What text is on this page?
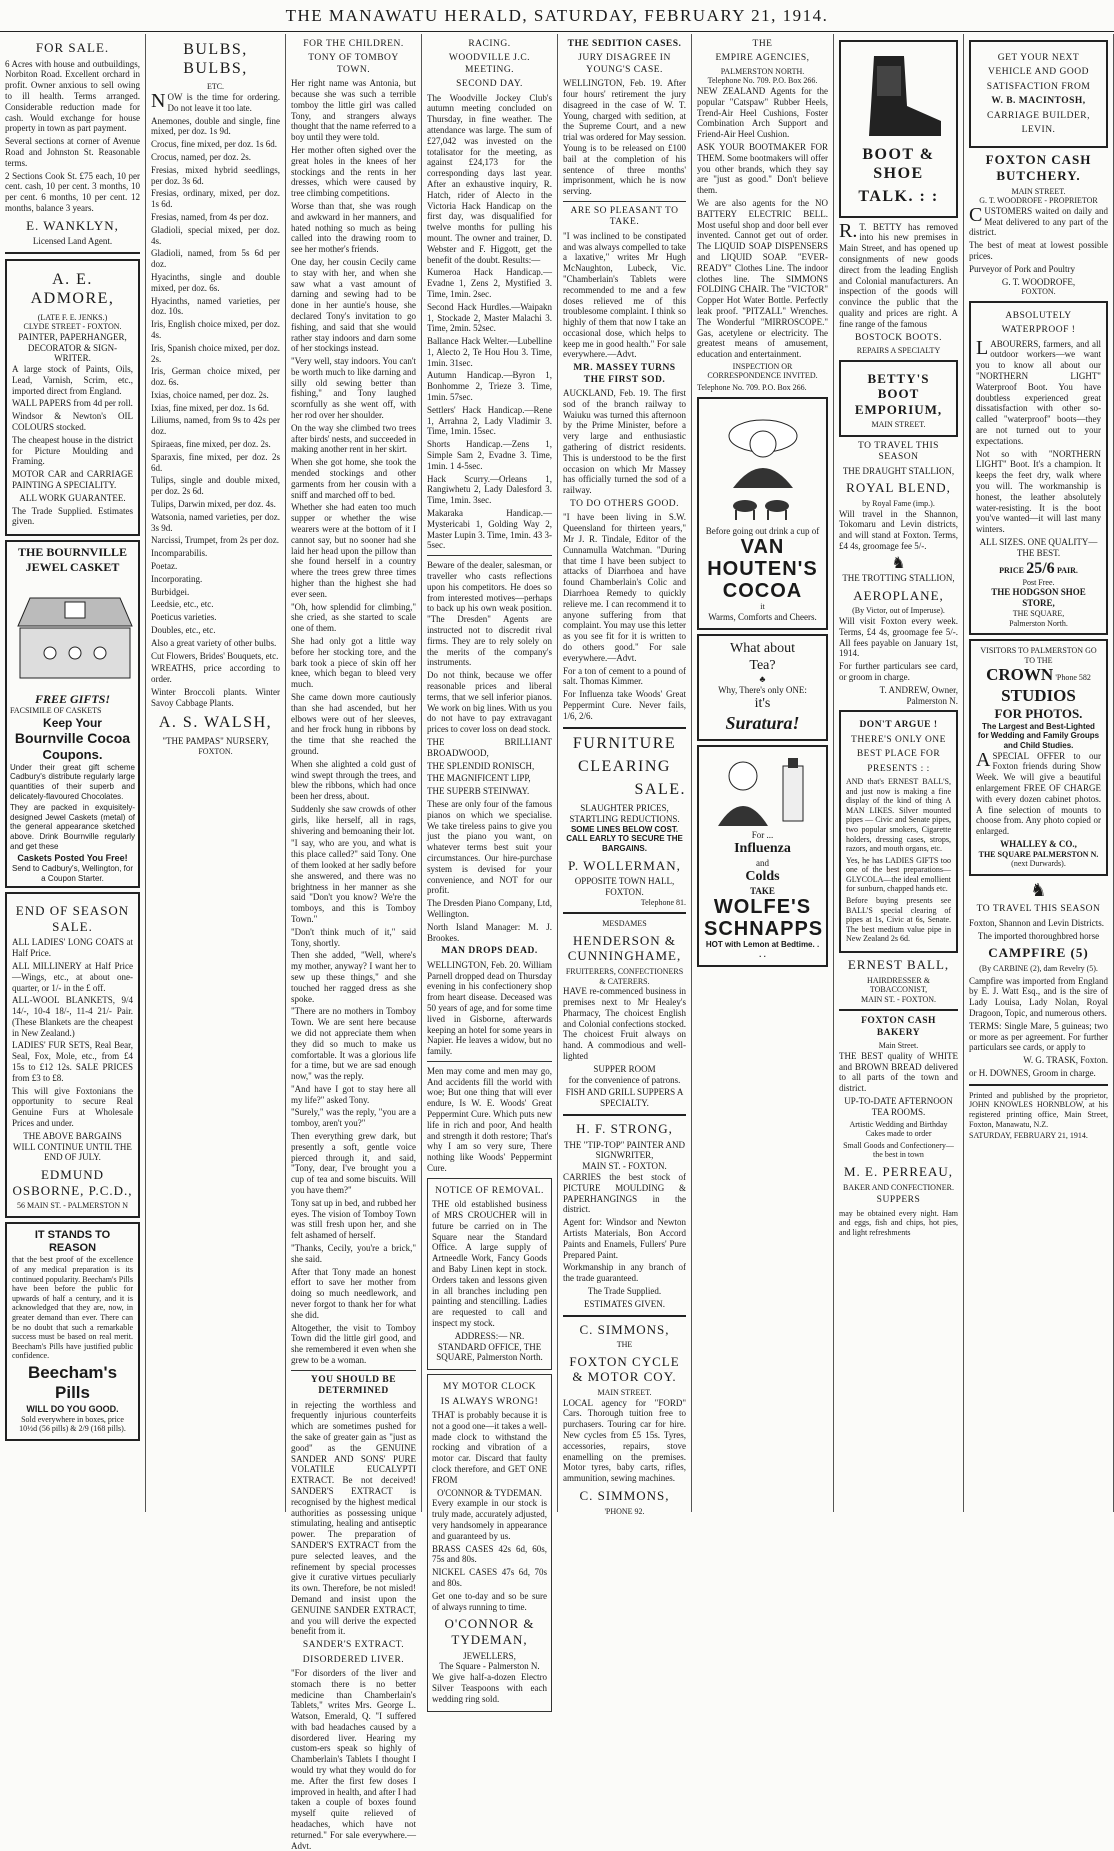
THE MANAWATU HERALD, SATURDAY, FEBRUARY 21, 1914.
FOR SALE.

6 Acres with house and outbuildings, Norbiton Road. Excellent orchard in profit. Owner anxious to sell owing to ill health. Terms arranged. Considerable reduction made for cash. Would exchange for house property in town as part payment.

Several sections at corner of Avenue Road and Johnston St. Reasonable terms.

2 Sections Cook St. £75 each, 10 per cent. cash, 10 per cent. 3 months, 10 per cent. 6 months, 10 per cent. 12 months, balance 3 years.

E. WANKLYN,
Licensed Land Agent.
A. E. ADMORE,
(LATE F. E. JENKS.)
CLYDE STREET - FOXTON.
PAINTER, PAPERHANGER, DECORATOR & SIGN-WRITER.

A large stock of Paints, Oils, Lead, Varnish, Scrim, etc., imported direct from England.

WALL PAPERS from 4d per roll.

Windsor & Newton's OIL COLOURS stocked.

The cheapest house in the district for Picture Moulding and Framing.

MOTOR CAR and CARRIAGE PAINTING A SPECIALITY.

ALL WORK GUARANTEE.

The Trade Supplied. Estimates given.

THE BOURNVILLE JEWEL CASKET
FREE GIFTS!
FACSIMILE OF CASKETS
Keep Your
Bournville Cocoa
Coupons.

Under their great gift scheme Cadbury's distribute regularly large quantities of their superb and delicately-flavoured Chocolates.

They are packed in exquisitely-designed Jewel Caskets (metal) of the general appearance sketched above. Drink Bournville regularly and get these

Caskets Posted You Free!
Send to Cadbury's, Wellington, for a Coupon Starter.
END OF SEASON SALE.

ALL LADIES' LONG COATS at Half Price.

ALL MILLINERY at Half Price—Wings, etc., at about one-quarter, or 1/- in the £ off.

ALL-WOOL BLANKETS, 9/4 14/-, 10-4 18/-, 11-4 21/- Pair. (These Blankets are the cheapest in New Zealand.)

LADIES' FUR SETS, Real Bear, Seal, Fox, Mole, etc., from £4 15s to £12 12s. SALE PRICES from £3 to £8.

This will give Foxtonians the opportunity to secure Real Genuine Furs at Wholesale Prices and under.

THE ABOVE BARGAINS WILL CONTINUE UNTIL THE END OF JULY.

EDMUND OSBORNE, P.C.D.,
56 MAIN ST. - PALMERSTON N
IT STANDS TO REASON

that the best proof of the excellence of any medical preparation is its continued popularity. Beecham's Pills have been before the public for upwards of half a century, and it is acknowledged that they are, now, in greater demand than ever. There can be no doubt that such a remarkable success must be based on real merit. Beecham's Pills have justified public confidence.

Beecham's Pills
WILL DO YOU GOOD.
Sold everywhere in boxes, price 10½d (56 pills) & 2/9 (168 pills).
BULBS, BULBS,
ETC.

NOW is the time for ordering. Do not leave it too late.

Anemones, double and single, fine mixed, per doz. 1s 9d.

Crocus, fine mixed, per doz. 1s 6d.

Crocus, named, per doz. 2s.

Fresias, mixed hybrid seedlings, per doz. 3s 6d.

Fresias, ordinary, mixed, per doz. 1s 6d.

Fresias, named, from 4s per doz.

Gladioli, special mixed, per doz. 4s.

Gladioli, named, from 5s 6d per doz.

Hyacinths, single and double mixed, per doz. 6s.

Hyacinths, named varieties, per doz. 10s.

Iris, English choice mixed, per doz. 4s.

Iris, Spanish choice mixed, per doz. 2s.

Iris, German choice mixed, per doz. 6s.

Ixias, choice named, per doz. 2s.

Ixias, fine mixed, per doz. 1s 6d.

Liliums, named, from 9s to 42s per doz.

Spiraeas, fine mixed, per doz. 2s.

Sparaxis, fine mixed, per doz. 2s 6d.

Tulips, single and double mixed, per doz. 2s 6d.

Tulips, Darwin mixed, per doz. 4s.

Watsonia, named varieties, per doz. 3s 9d.

Narcissi, Trumpet, from 2s per doz.

Incomparabilis.

Poetaz.

Incorporating.

Burbidgei.

Leedsie, etc., etc.

Poeticus varieties.

Doubles, etc., etc.

Also a great variety of other bulbs.

Cut Flowers, Brides' Bouquets, etc.

WREATHS, price according to order.

Winter Broccoli plants. Winter Savoy Cabbage Plants.

A. S. WALSH,
"THE PAMPAS" NURSERY,
FOXTON.
FOR THE CHILDREN.
TONY OF TOMBOY TOWN.

Her right name was Antonia, but because she was such a terrible tomboy the little girl was called Tony, and strangers always thought that the name referred to a boy until they were told.

Her mother often sighed over the great holes in the knees of her stockings and the rents in her dresses, which were caused by tree climbing competitions.

Worse than that, she was rough and awkward in her manners, and hated nothing so much as being called into the drawing room to see her mother's friends.

One day, her cousin Cecily came to stay with her, and when she saw what a vast amount of darning and sewing had to be done in her auntie's house, she declared Tony's invitation to go fishing, and said that she would rather stay indoors and darn some of her stockings instead.

"Very well, stay indoors. You can't be worth much to like darning and silly old sewing better than fishing," and Tony laughed scornfully as she went off, with her rod over her shoulder.

On the way she climbed two trees after birds' nests, and succeeded in making another rent in her skirt.

When she got home, she took the mended stockings and other garments from her cousin with a sniff and marched off to bed.

Whether she had eaten too much supper or whether the wise wearers were at the bottom of it I cannot say, but no sooner had she laid her head upon the pillow than she found herself in a country where the trees grew three times higher than the highest she had ever seen.

"Oh, how splendid for climbing," she cried, as she started to scale one of them.

She had only got a little way before her stocking tore, and the bark took a piece of skin off her knee, which began to bleed very much.

She came down more cautiously than she had ascended, but her elbows were out of her sleeves, and her frock hung in ribbons by the time that she reached the ground.

When she alighted a cold gust of wind swept through the trees, and blew the ribbons, which had once been her dress, about.

Suddenly she saw crowds of other girls, like herself, all in rags, shivering and bemoaning their lot.

"I say, who are you, and what is this place called?" said Tony. One of them looked at her sadly before she answered, and there was no brightness in her manner as she said "Don't you know? We're the tomboys, and this is Tomboy Town."

"Don't think much of it," said Tony, shortly.

Then she added, "Well, where's my mother, anyway? I want her to sew up these things," and she touched her ragged dress as she spoke.

"There are no mothers in Tomboy Town. We are sent here because we did not appreciate them when they did so much to make us comfortable. It was a glorious life for a time, but we are sad enough now," was the reply.

"And have I got to stay here all my life?" asked Tony.

"Surely," was the reply, "you are a tomboy, aren't you?"

Then everything grew dark, but presently a soft, gentle voice pierced through it, and said, "Tony, dear, I've brought you a cup of tea and some biscuits. Will you have them?"

Tony sat up in bed, and rubbed her eyes. The vision of Tomboy Town was still fresh upon her, and she felt ashamed of herself.

"Thanks, Cecily, you're a brick," she said.

After that Tony made an honest effort to save her mother from doing so much needlework, and never forgot to thank her for what she did.

Altogether, the visit to Tomboy Town did the little girl good, and she remembered it even when she grew to be a woman.

YOU SHOULD BE DETERMINED

in rejecting the worthless and frequently injurious counterfeits which are sometimes pushed for the sake of greater gain as "just as good" as the GENUINE SANDER AND SONS' PURE VOLATILE EUCALYPTI EXTRACT. Be not deceived! SANDER'S EXTRACT is recognised by the highest medical authorities as possessing unique stimulating, healing and antiseptic power. The preparation of SANDER'S EXTRACT from the pure selected leaves, and the refinement by special processes give it curative virtues peculiarly its own. Therefore, be not misled! Demand and insist upon the GENUINE SANDER EXTRACT, and you will derive the expected benefit from it.

SANDER'S EXTRACT.
DISORDERED LIVER.

"For disorders of the liver and stomach there is no better medicine than Chamberlain's Tablets," writes Mrs. George L. Watson, Emerald, Q. "I suffered with bad headaches caused by a disordered liver. Hearing my custom-ers speak so highly of Chamberlain's Tablets I thought I would try what they would do for me. After the first few doses I improved in health, and after I had taken a couple of boxes found myself quite relieved of headaches, which have not returned." For sale everywhere.—Advt.

RACING.
WOODVILLE J.C. MEETING.
SECOND DAY.

The Woodville Jockey Club's autumn meeting concluded on Thursday, in fine weather. The attendance was large. The sum of £27,042 was invested on the totalisator for the meeting, as against £24,173 for the corresponding days last year. After an exhaustive inquiry, R. Hatch, rider of Alecto in the Victoria Hack Handicap on the first day, was disqualified for twelve months for pulling his mount. The owner and trainer, D. Webster and F. Higgott, get the benefit of the doubt. Results:—

Kumeroa Hack Handicap.—Evadne 1, Zens 2, Mystified 3. Time, 1min. 2sec.

Second Hack Hurdles.—Waipakn 1, Stockade 2, Master Malachi 3. Time, 2min. 52sec.

Ballance Hack Welter.—Lubelline 1, Alecto 2, Te Hou Hou 3. Time, 1min. 31sec.

Autumn Handicap.—Byron 1, Bonhomme 2, Trieze 3. Time, 1min. 57sec.

Settlers' Hack Handicap.—Rene 1, Arrahna 2, Lady Vladimir 3. Time, 1min. 15sec.

Shorts Handicap.—Zens 1, Simple Sam 2, Evadne 3. Time, 1min. 1 4-5sec.

Hack Scurry.—Orleans 1, Rangiwhetu 2, Lady Dalesford 3. Time, 1min. 3sec.

Makaraka Handicap.—Mystericabi 1, Golding Way 2, Master Lupin 3. Time, 1min. 43 3-5sec.

Beware of the dealer, salesman, or traveller who casts reflections upon his competitors. He does so from interested motives—perhaps to back up his own weak position. "The Dresden" Agents are instructed not to discredit rival firms. They are to rely solely on the merits of the company's instruments.

Do not think, because we offer reasonable prices and liberal terms, that we sell inferior pianos. We work on big lines. With us you do not have to pay extravagant prices to cover loss on dead stock.

THE BRILLIANT BROADWOOD,

THE SPLENDID RONISCH,

THE MAGNIFICENT LIPP,

THE SUPERB STEINWAY.

These are only four of the famous pianos on which we specialise. We take tireless pains to give you just the piano you want, on whatever terms best suit your circumstances. Our hire-purchase system is devised for your convenience, and NOT for our profit.

The Dresden Piano Company, Ltd, Wellington.

North Island Manager: M. J. Brookes.

MAN DROPS DEAD.

WELLINGTON, Feb. 20. William Parnell dropped dead on Thursday evening in his confectionery shop from heart disease. Deceased was 50 years of age, and for some time lived in Gisborne, afterwards keeping an hotel for some years in Napier. He leaves a widow, but no family.

Men may come and men may go, And accidents fill the world with woe; But one thing that will ever endure, Is W. E. Woods' Great Peppermint Cure. Which puts new life in rich and poor, And health and strength it doth restore; That's why I am so very sure, There nothing like Woods' Peppermint Cure.

NOTICE OF REMOVAL.

THE old established business of MRS CROUCHER will in future be carried on in The Square near the Standard Office. A large supply of Artneedle Work, Fancy Goods and Baby Linen kept in stock. Orders taken and lessons given in all branches including pen painting and stencilling. Ladies are requested to call and inspect my stock.

ADDRESS:— NR. STANDARD OFFICE, THE SQUARE, Palmerston North.

MY MOTOR CLOCK
IS ALWAYS WRONG!

THAT is probably because it is not a good one—it takes a well-made clock to withstand the rocking and vibration of a motor car. Discard that faulty clock therefore, and GET ONE FROM

O'CONNOR & TYDEMAN.

Every example in our stock is truly made, accurately adjusted, very handsomely in appearance and guaranteed by us.

BRASS CASES 42s 6d, 60s, 75s and 80s.

NICKEL CASES 47s 6d, 70s and 80s.

Get one to-day and so be sure of always running to time.

O'CONNOR & TYDEMAN,
JEWELLERS,
The Square - Palmerston N.

We give half-a-dozen Electro Silver Teaspoons with each wedding ring sold.

THE SEDITION CASES.
JURY DISAGREE IN YOUNG'S CASE.

WELLINGTON, Feb. 19. After four hours' retirement the jury disagreed in the case of W. T. Young, charged with sedition, at the Supreme Court, and a new trial was ordered for May session. Young is to be released on £100 bail at the completion of his sentence of three months' imprisonment, which he is now serving.

ARE SO PLEASANT TO TAKE.

"I was inclined to be constipated and was always compelled to take a laxative," writes Mr Hugh McNaughton, Lubeck, Vic. "Chamberlain's Tablets were recommended to me and a few doses relieved me of this troublesome complaint. I think so highly of them that now I take an occasional dose, which helps to keep me in good health." For sale everywhere.—Advt.

MR. MASSEY TURNS THE FIRST SOD.

AUCKLAND, Feb. 19. The first sod of the branch railway to Waiuku was turned this afternoon by the Prime Minister, before a very large and enthusiastic gathering of district residents. This is understood to be the first occasion on which Mr Massey has officially turned the sod of a railway.

TO DO OTHERS GOOD.

"I have been living in S.W. Queensland for thirteen years," Mr J. R. Tindale, Editor of the Cunnamulla Watchman. "During that time I have been subject to attacks of Diarrhoea and have found Chamberlain's Colic and Diarrhoea Remedy to quickly relieve me. I can recommend it to anyone suffering from that complaint. You may use this letter as you see fit for it is written to do others good." For sale everywhere.—Advt.

For a ton of cement to a pound of salt. Thomas Kimmer.

For Influenza take Woods' Great Peppermint Cure. Never fails, 1/6, 2/6.

FURNITURE
CLEARING
SALE.
SLAUGHTER PRICES, STARTLING REDUCTIONS.
SOME LINES BELOW COST.
CALL EARLY TO SECURE THE BARGAINS.
P. WOLLERMAN,
OPPOSITE TOWN HALL, FOXTON.
Telephone 81.
MESDAMES
HENDERSON & CUNNINGHAME,
FRUITERERS, CONFECTIONERS & CATERERS.

HAVE re-commenced business in premises next to Mr Healey's Pharmacy, The choicest English and Colonial confections stocked. The choicest Fruit always on hand. A commodious and well-lighted

SUPPER ROOM

for the convenience of patrons.

FISH AND GRILL SUPPERS A SPECIALTY.

H. F. STRONG,
THE "TIP-TOP" PAINTER AND SIGNWRITER,
MAIN ST. - FOXTON.

CARRIES the best stock of PICTURE MOULDING & PAPERHANGINGS in the district.

Agent for: Windsor and Newton Artists Materials, Bon Accord Paints and Enamels, Fullers' Pure Prepared Paint.

Workmanship in any branch of the trade guaranteed.

The Trade Supplied.

ESTIMATES GIVEN.

C. SIMMONS,
THE
FOXTON CYCLE & MOTOR COY.
MAIN STREET.

LOCAL agency for "FORD" Cars. Thorough tuition free to purchasers. Touring car for hire. New cycles from £5 15s. Tyres, accessories, repairs, stove enamelling on the premises. Motor tyres, baby carts, rifles, ammunition, sewing machines.

C. SIMMONS,
'PHONE 92.
THE
EMPIRE AGENCIES,
PALMERSTON NORTH.
Telephone No. 709. P.O. Box 266.

NEW ZEALAND Agents for the popular "Catspaw" Rubber Heels, Trend-Air Heel Cushions, Foster Combination Arch Support and Friend-Air Heel Cushion.

ASK YOUR BOOTMAKER FOR THEM. Some bootmakers will offer you other brands, which they say are "just as good." Don't believe them.

We are also agents for the NO BATTERY ELECTRIC BELL. Most useful shop and door bell ever invented. Cannot get out of order. The LIQUID SOAP DISPENSERS and LIQUID SOAP. "EVER-READY" Clothes Line. The indoor clothes line. The SIMMONS FOLDING CHAIR. The "VICTOR" Copper Hot Water Bottle. Perfectly leak proof. "PITZALL" Wrenches. The Wonderful "MIRROSCOPE." Gas, acetylene or electricity. The greatest means of amusement, education and entertainment.

INSPECTION OR CORRESPONDENCE INVITED.

Telephone No. 709. P.O. Box 266.

Before going out drink a cup of
VAN
HOUTEN'S
COCOA
it
Warms, Comforts and Cheers.
What about
Tea?
♣
Why, There's only ONE:
it's
Suratura!
For ...
Influenza
and
Colds
TAKE
WOLFE'S
SCHNAPPS
HOT with Lemon at Bedtime. . . .
BOOT & SHOE
TALK. : :

R.T. BETTY has removed into his new premises in Main Street, and has opened up consignments of new goods direct from the leading English and Colonial manufacturers. An inspection of the goods will convince the public that the quality and prices are right. A fine range of the famous

BOSTOCK BOOTS.
REPAIRS A SPECIALTY
BETTY'S BOOT EMPORIUM,
MAIN STREET.
TO TRAVEL THIS SEASON
THE DRAUGHT STALLION,
ROYAL BLEND,
by Royal Fame (imp.).

Will travel in the Shannon, Tokomaru and Levin districts, and will stand at Foxton. Terms, £4 4s, groomage fee 5/-.

♞
THE TROTTING STALLION,
AEROPLANE,
(By Victor, out of Imperuse).

Will visit Foxton every week. Terms, £4 4s, groomage fee 5/-. All fees payable on January 1st, 1914.

For further particulars see card, or groom in charge.

T. ANDREW, Owner, Palmerston N.

DON'T ARGUE !
THERE'S ONLY ONE
BEST PLACE FOR
PRESENTS : :

AND that's ERNEST BALL'S, and just now is making a fine display of the kind of thing A MAN LIKES. Silver mounted pipes — Civic and Senate pipes, two popular smokers, Cigarette holders, dressing cases, strops, razors, and mouth organs, etc.

Yes, he has LADIES GIFTS too one of the best preparations—GLYCOLA—the ideal emollient for sunburn, chapped hands etc.

Before buying presents see BALL'S special clearing of pipes at 1s, Civic at 6s, Senate. The best medium value pipe in New Zealand 2s 6d.

ERNEST BALL,
HAIRDRESSER & TOBACCONIST,
MAIN ST. - FOXTON.
FOXTON CASH BAKERY
Main Street.

THE BEST quality of WHITE and BROWN BREAD delivered to all parts of the town and district.

UP-TO-DATE AFTERNOON TEA ROOMS.

Artistic Wedding and Birthday Cakes made to order

Small Goods and Confectionery—the best in town

M. E. PERREAU,
BAKER AND CONFECTIONER.
SUPPERS

may be obtained every night. Ham and eggs, fish and chips, hot pies, and light refreshments

GET YOUR NEXT
VEHICLE AND GOOD
SATISFACTION FROM
W. B. MACINTOSH,
CARRIAGE BUILDER,
LEVIN.
FOXTON CASH BUTCHERY.
MAIN STREET.
G. T. WOODROFE - PROPRIETOR

CUSTOMERS waited on daily and Meat delivered to any part of the district.

The best of meat at lowest possible prices.

Purveyor of Pork and Poultry

G. T. WOODROFE,
FOXTON.
ABSOLUTELY
WATERPROOF !

LABOURERS, farmers, and all outdoor workers—we want you to know all about our "NORTHERN LIGHT" Waterproof Boot. You have doubtless experienced great dissatisfaction with other so-called "waterproof" boots—they are not turned out to your expectations.

Not so with "NORTHERN LIGHT" Boot. It's a champion. It keeps the feet dry, walk where you will. The workmanship is honest, the leather absolutely water-resisting. It is the boot you've wanted—it will last many winters.

ALL SIZES. ONE QUALITY—THE BEST.
PRICE 25/6 PAIR.
Post Free.
THE HODGSON SHOE STORE,
THE SQUARE,
Palmerston North.
VISITORS TO PALMERSTON GO TO THE
CROWN 'Phone 582
STUDIOS
FOR PHOTOS.
The Largest and Best-Lighted for Wedding and Family Groups and Child Studies.

ASPECIAL OFFER to our Foxton friends during Show Week. We will give a beautiful enlargement FREE OF CHARGE with every dozen cabinet photos. A fine selection of mounts to choose from. Any photo copied or enlarged.

WHALLEY & CO.,
THE SQUARE PALMERSTON N.
(next Durwards).
♞
TO TRAVEL THIS SEASON

Foxton, Shannon and Levin Districts.

The imported thoroughbred horse

CAMPFIRE (5)

(By CARBINE (2), dam Revelry (5).

Campfire was imported from England by E. J. Watt Esq., and is the sire of Lady Louisa, Lady Nolan, Royal Dragoon, Topic, and numerous others.

TERMS: Single Mare, 5 guineas; two or more as per agreement. For further particulars see cards, or apply to

W. G. TRASK, Foxton.

or H. DOWNES, Groom in charge.

Printed and published by the proprietor, JOHN KNOWLES HORNBLOW, at his registered printing office, Main Street, Foxton, Manawatu, N.Z.

SATURDAY, FEBRUARY 21, 1914.
